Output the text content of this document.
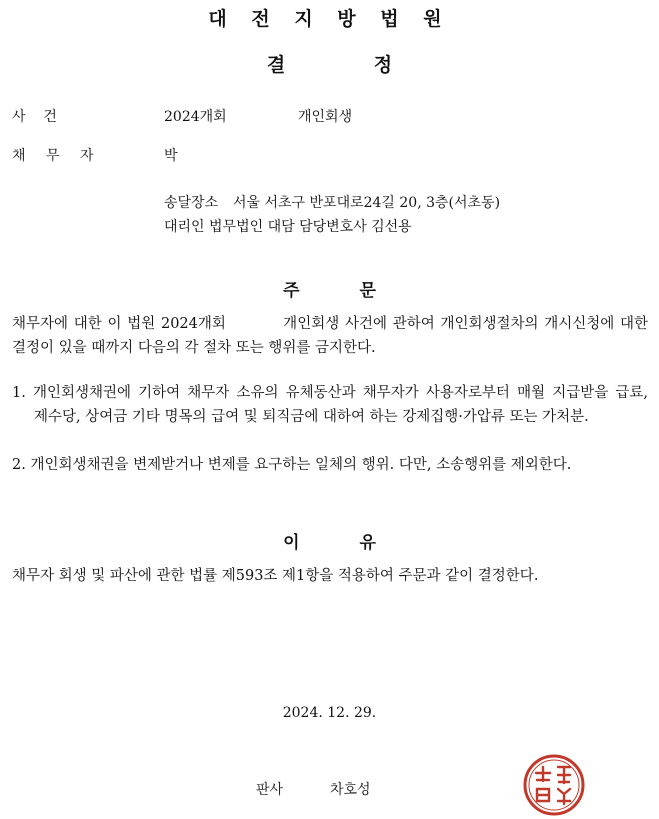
대 전 지 방 법 원
결 정
사    건	2024개회	개인회생
채 무 자	박
송달장소 서울 서초구 반포대로24길 20, 3층(서초동)
대리인 법무법인 대담 담당변호사 김선용
주 문
채무자에 대한 이 법원 2024개회          개인회생 사건에 관하여 개인회생절차의 개시신청에 대한 결정이 있을 때까지 다음의 각 절차 또는 행위를 금지한다.
1. 개인회생채권에 기하여 채무자 소유의 유체동산과 채무자가 사용자로부터 매월 지급받을 급료, 제수당, 상여금 기타 명목의 급여 및 퇴직금에 대하여 하는 강제집행·가압류 또는 가처분.
2. 개인회생채권을 변제받거나 변제를 요구하는 일체의 행위. 다만, 소송행위를 제외한다.
이 유
채무자 회생 및 파산에 관한 법률 제593조 제1항을 적용하여 주문과 같이 결정한다.
2024. 12. 29.
판사	차호성
